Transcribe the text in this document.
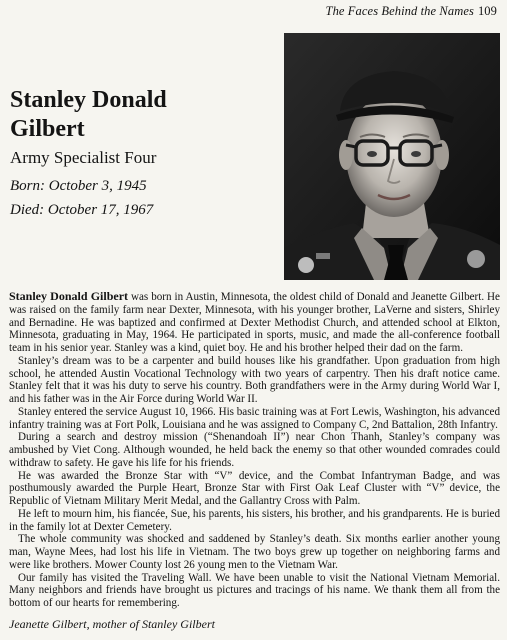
The Faces Behind the Names 109
Stanley Donald
Gilbert
Army Specialist Four
Born: October 3, 1945
Died: October 17, 1967

Stanley Donald Gilbert was born in Austin, Minnesota, the oldest child of Donald and Jeanette Gilbert. He was raised on the family farm near Dexter, Minnesota, with his younger brother, LaVerne and sisters, Shirley and Bernadine. He was baptized and confirmed at Dexter Methodist Church, and attended school at Elkton, Minnesota, graduating in May, 1964. He participated in sports, music, and made the all-conference football team in his senior year. Stanley was a kind, quiet boy. He and his brother helped their dad on the farm.

Stanley’s dream was to be a carpenter and build houses like his grandfather. Upon graduation from high school, he attended Austin Vocational Technology with two years of carpentry. Then his draft notice came. Stanley felt that it was his duty to serve his country. Both grandfathers were in the Army during World War I, and his father was in the Air Force during World War II.

Stanley entered the service August 10, 1966. His basic training was at Fort Lewis, Washington, his advanced infantry training was at Fort Polk, Louisiana and he was assigned to Company C, 2nd Battalion, 28th Infantry.

During a search and destroy mission (“Shenandoah II”) near Chon Thanh, Stanley’s company was ambushed by Viet Cong. Although wounded, he held back the enemy so that other wounded comrades could withdraw to safety. He gave his life for his friends.

He was awarded the Bronze Star with “V” device, and the Combat Infantryman Badge, and was posthumously awarded the Purple Heart, Bronze Star with First Oak Leaf Cluster with “V” device, the Republic of Vietnam Military Merit Medal, and the Gallantry Cross with Palm.

He left to mourn him, his fiancée, Sue, his parents, his sisters, his brother, and his grandparents. He is buried in the family lot at Dexter Cemetery.

The whole community was shocked and saddened by Stanley’s death. Six months earlier another young man, Wayne Mees, had lost his life in Vietnam. The two boys grew up together on neighboring farms and were like brothers. Mower County lost 26 young men to the Vietnam War.

Our family has visited the Traveling Wall. We have been unable to visit the National Vietnam Memorial. Many neighbors and friends have brought us pictures and tracings of his name. We thank them all from the bottom of our hearts for remembering.

Jeanette Gilbert, mother of Stanley Gilbert
